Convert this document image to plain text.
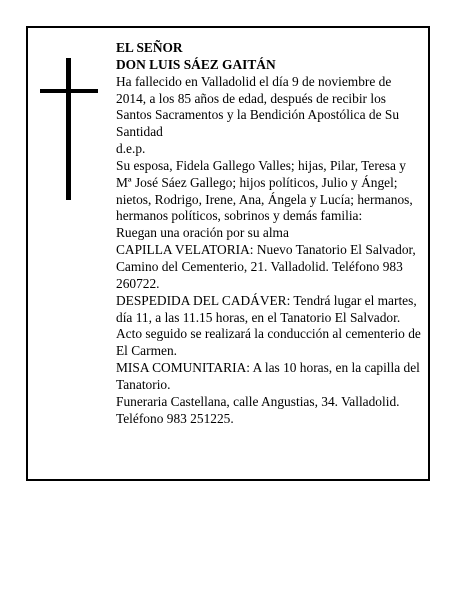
EL SEÑOR

DON LUIS SÁEZ GAITÁN

Ha fallecido en Valladolid el día 9 de noviembre de 2014, a los 85 años de edad, después de recibir los Santos Sacramentos y la Bendición Apostólica de Su Santidad

d.e.p.

Su esposa, Fidela Gallego Valles; hijas, Pilar, Teresa y Mª José Sáez Gallego; hijos políticos, Julio y Ángel; nietos, Rodrigo, Irene, Ana, Ángela y Lucía; hermanos, hermanos políticos, sobrinos y demás familia:

Ruegan una oración por su alma

CAPILLA VELATORIA: Nuevo Tanatorio El Salvador, Camino del Cementerio, 21. Valladolid. Teléfono 983 260722.

DESPEDIDA DEL CADÁVER: Tendrá lugar el martes, día 11, a las 11.15 horas, en el Tanatorio El Salvador. Acto seguido se realizará la conducción al cementerio de El Carmen.

MISA COMUNITARIA: A las 10 horas, en la capilla del Tanatorio.

Funeraria Castellana, calle Angustias, 34. Valladolid. Teléfono 983 251225.
